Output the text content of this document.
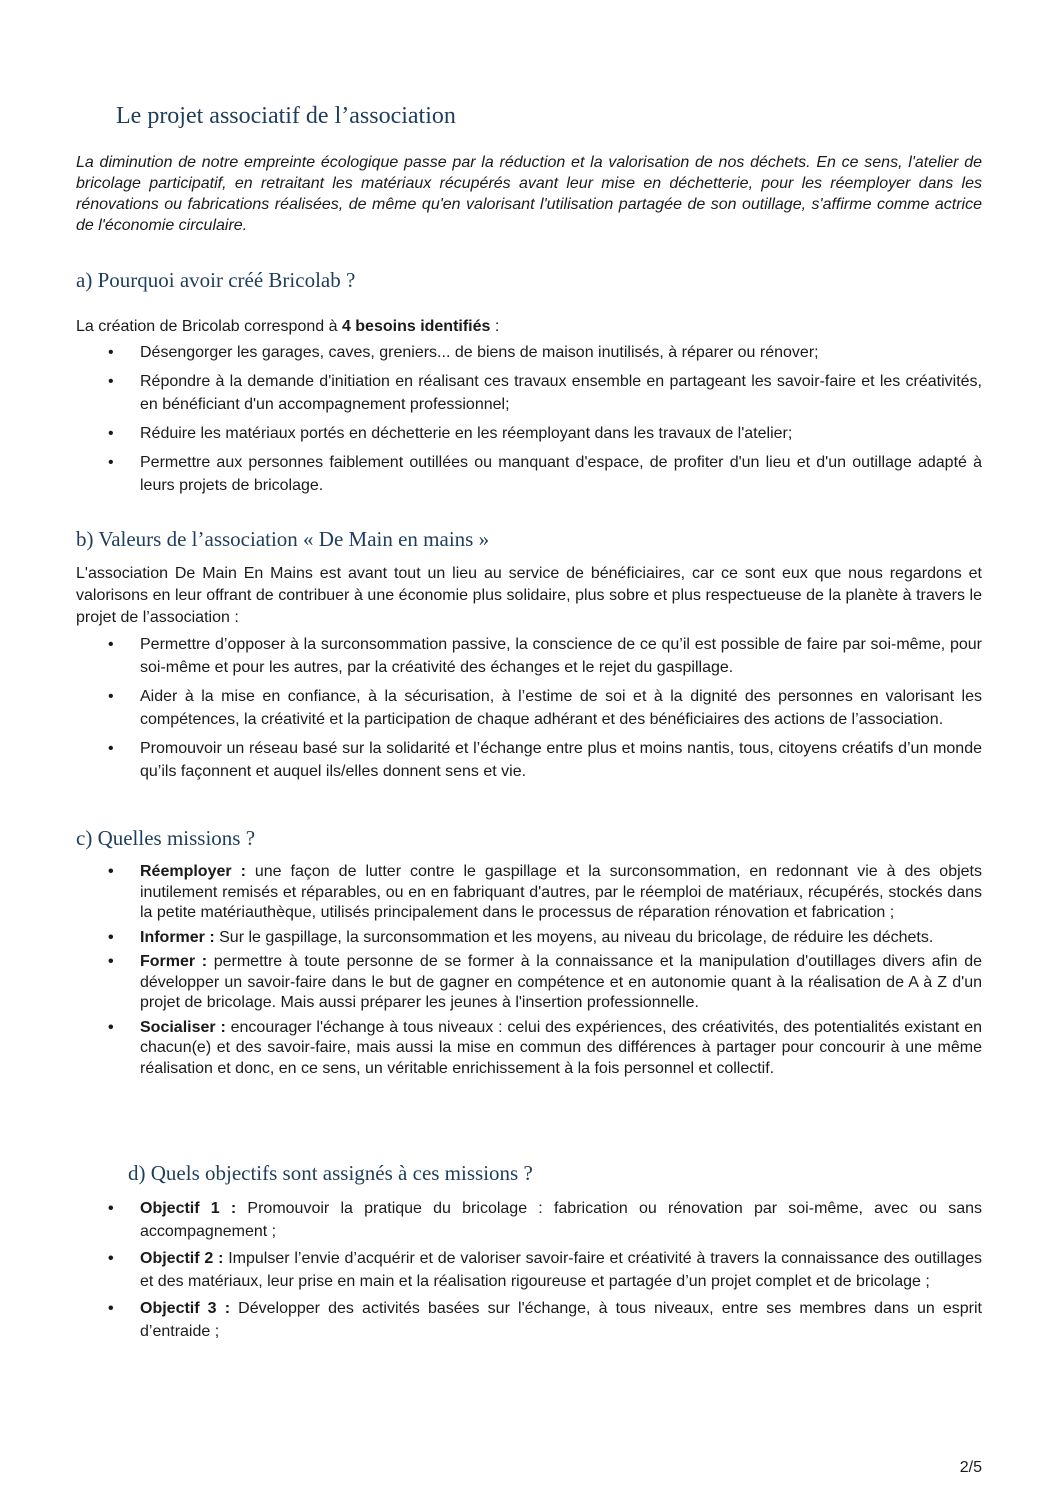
Le projet associatif de l’association

La diminution de notre empreinte écologique passe par la réduction et la valorisation de nos déchets. En ce sens, l'atelier de bricolage participatif, en retraitant les matériaux récupérés avant leur mise en déchetterie, pour les réemployer dans les rénovations ou fabrications réalisées, de même qu'en valorisant l'utilisation partagée de son outillage, s'affirme comme actrice de l'économie circulaire.

a) Pourquoi avoir créé Bricolab ?

La création de Bricolab correspond à 4 besoins identifiés :

• Désengorger les garages, caves, greniers... de biens de maison inutilisés, à réparer ou rénover;
• Répondre à la demande d'initiation en réalisant ces travaux ensemble en partageant les savoir-faire et les créativités, en bénéficiant d'un accompagnement professionnel;
• Réduire les matériaux portés en déchetterie en les réemployant dans les travaux de l'atelier;
• Permettre aux personnes faiblement outillées ou manquant d'espace, de profiter d'un lieu et d'un outillage adapté à leurs projets de bricolage.
b) Valeurs de l’association « De Main en mains »

L'association De Main En Mains est avant tout un lieu au service de bénéficiaires, car ce sont eux que nous regardons et valorisons en leur offrant de contribuer à une économie plus solidaire, plus sobre et plus respectueuse de la planète à travers le projet de l’association :

• Permettre d’opposer à la surconsommation passive, la conscience de ce qu’il est possible de faire par soi-même, pour soi-même et pour les autres, par la créativité des échanges et le rejet du gaspillage.
• Aider à la mise en confiance, à la sécurisation, à l’estime de soi et à la dignité des personnes en valorisant les compétences, la créativité et la participation de chaque adhérant et des bénéficiaires des actions de l’association.
• Promouvoir un réseau basé sur la solidarité et l’échange entre plus et moins nantis, tous, citoyens créatifs d’un monde qu’ils façonnent et auquel ils/elles donnent sens et vie.
c) Quelles missions ?
• Réemployer : une façon de lutter contre le gaspillage et la surconsommation, en redonnant vie à des objets inutilement remisés et réparables, ou en en fabriquant d'autres, par le réemploi de matériaux, récupérés, stockés dans la petite matériauthèque, utilisés principalement dans le processus de réparation rénovation et fabrication ;
• Informer : Sur le gaspillage, la surconsommation et les moyens, au niveau du bricolage, de réduire les déchets.
• Former : permettre à toute personne de se former à la connaissance et la manipulation d'outillages divers afin de développer un savoir-faire dans le but de gagner en compétence et en autonomie quant à la réalisation de A à Z d'un projet de bricolage. Mais aussi préparer les jeunes à l'insertion professionnelle.
• Socialiser : encourager l'échange à tous niveaux : celui des expériences, des créativités, des potentialités existant en chacun(e) et des savoir-faire, mais aussi la mise en commun des différences à partager pour concourir à une même réalisation et donc, en ce sens, un véritable enrichissement à la fois personnel et collectif.
d) Quels objectifs sont assignés à ces missions ?
• Objectif 1 : Promouvoir la pratique du bricolage : fabrication ou rénovation par soi-même, avec ou sans accompagnement ;
• Objectif 2 : Impulser l’envie d’acquérir et de valoriser savoir-faire et créativité à travers la connaissance des outillages et des matériaux, leur prise en main et la réalisation rigoureuse et partagée d’un projet complet et de bricolage ;
• Objectif 3 : Développer des activités basées sur l'échange, à tous niveaux, entre ses membres dans un esprit d’entraide ;
2/5
